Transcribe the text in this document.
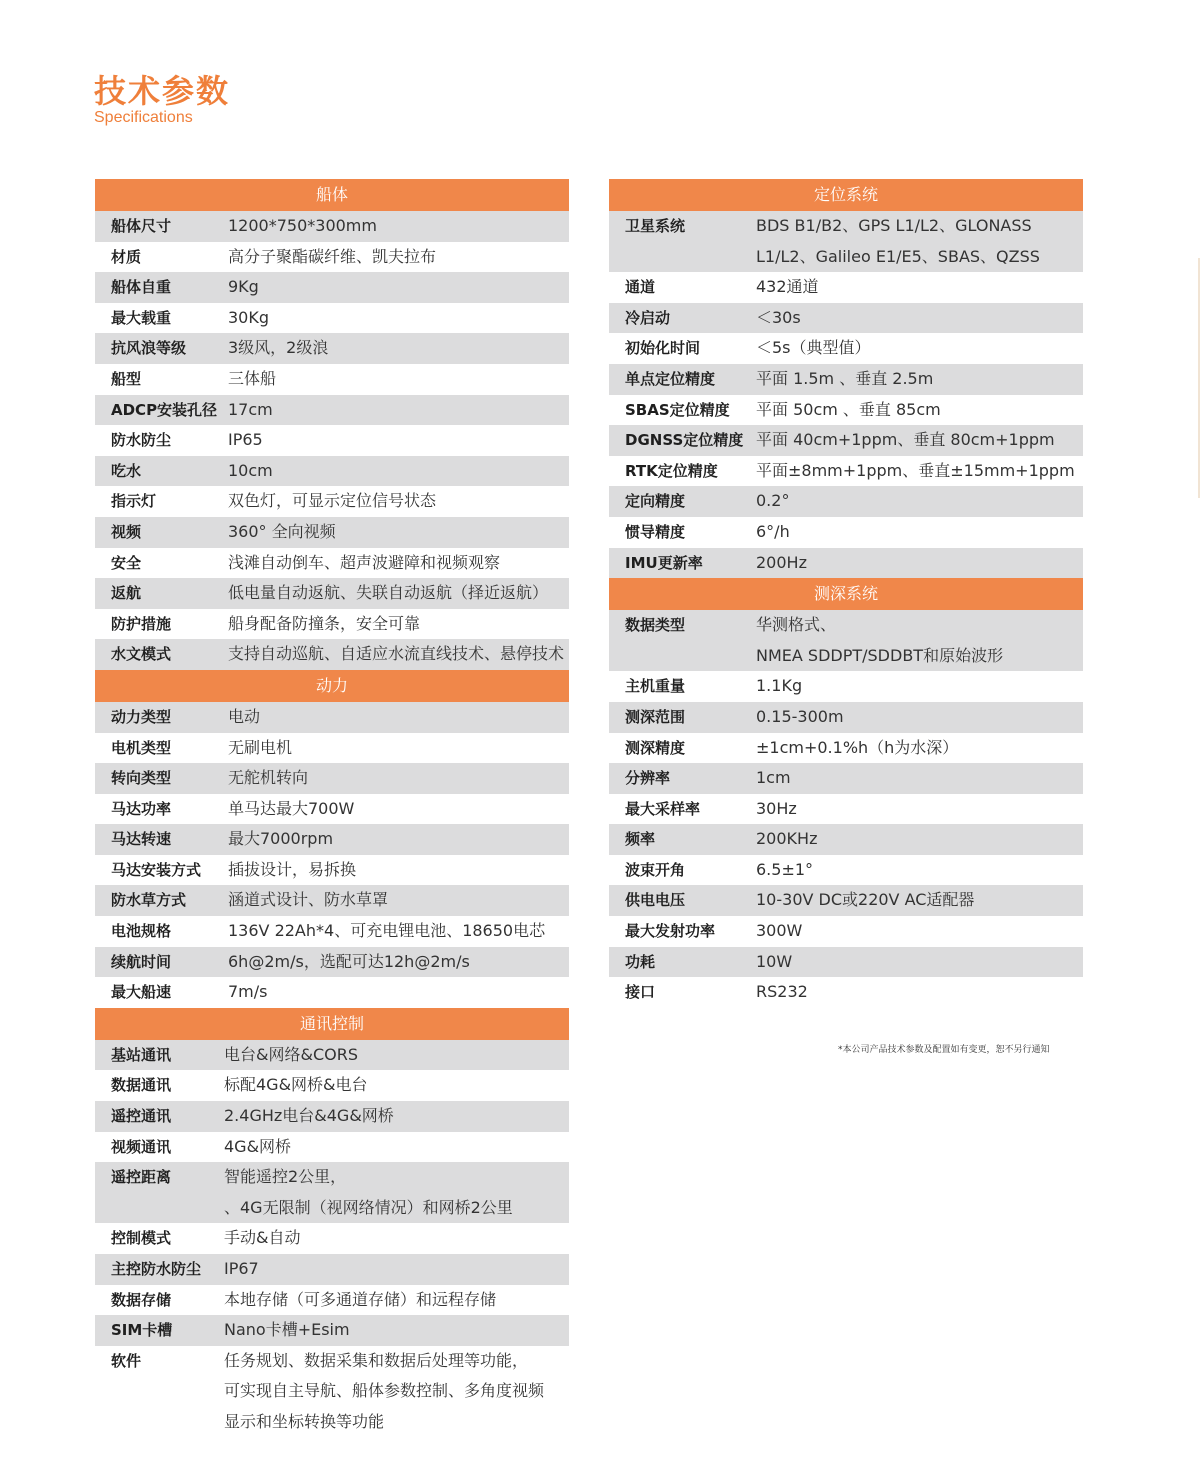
技术参数
Specifications
船体
船体尺寸	1200*750*300mm
材质	高分子聚酯碳纤维、凯夫拉布
船体自重	9Kg
最大载重	30Kg
抗风浪等级	3级风，2级浪
船型	三体船
ADCP安装孔径 17cm
防水防尘	IP65
吃水	10cm
指示灯	双色灯，可显示定位信号状态
视频	360° 全向视频
安全	浅滩自动倒车、超声波避障和视频观察
返航	低电量自动返航、失联自动返航（择近返航）
防护措施	船身配备防撞条，安全可靠
水文模式	支持自动巡航、自适应水流直线技术、悬停技术
动力
动力类型	电动
电机类型	无刷电机
转向类型	无舵机转向
马达功率	单马达最大700W
马达转速	最大7000rpm
马达安装方式	插拔设计，易拆换
防水草方式	涵道式设计、防水草罩
电池规格	136V 22Ah*4、可充电锂电池、18650电芯
续航时间	6h@2m/s，选配可达12h@2m/s
最大船速	7m/s
通讯控制
基站通讯	电台&网络&CORS
数据通讯	标配4G&网桥&电台
遥控通讯	2.4GHz电台&4G&网桥
视频通讯	4G&网桥
遥控距离	智能遥控2公里，
、4G无限制（视网络情况）和网桥2公里
控制模式	手动&自动
主控防水防尘	IP67
数据存储	本地存储（可多通道存储）和远程存储
SIM卡槽	Nano卡槽+Esim
软件	任务规划、数据采集和数据后处理等功能，
可实现自主导航、船体参数控制、多角度视频
显示和坐标转换等功能
定位系统
卫星系统	BDS B1/B2、GPS L1/L2、GLONASS
L1/L2、Galileo E1/E5、SBAS、QZSS
通道	432通道
冷启动	＜30s
初始化时间	＜5s（典型值）
单点定位精度	平面 1.5m 、垂直 2.5m
SBAS定位精度	平面 50cm 、垂直 85cm
DGNSS定位精度 平面 40cm+1ppm、垂直 80cm+1ppm
RTK定位精度	平面±8mm+1ppm、垂直±15mm+1ppm
定向精度	0.2°
惯导精度	6°/h
IMU更新率	200Hz
测深系统
数据类型	华测格式、
NMEA SDDPT/SDDBT和原始波形
主机重量	1.1Kg
测深范围	0.15-300m
测深精度	±1cm+0.1%h（h为水深）
分辨率	1cm
最大采样率	30Hz
频率	200KHz
波束开角	6.5±1°
供电电压	10-30V DC或220V AC适配器
最大发射功率	300W
功耗	10W
接口	RS232
*本公司产品技术参数及配置如有变更，恕不另行通知
